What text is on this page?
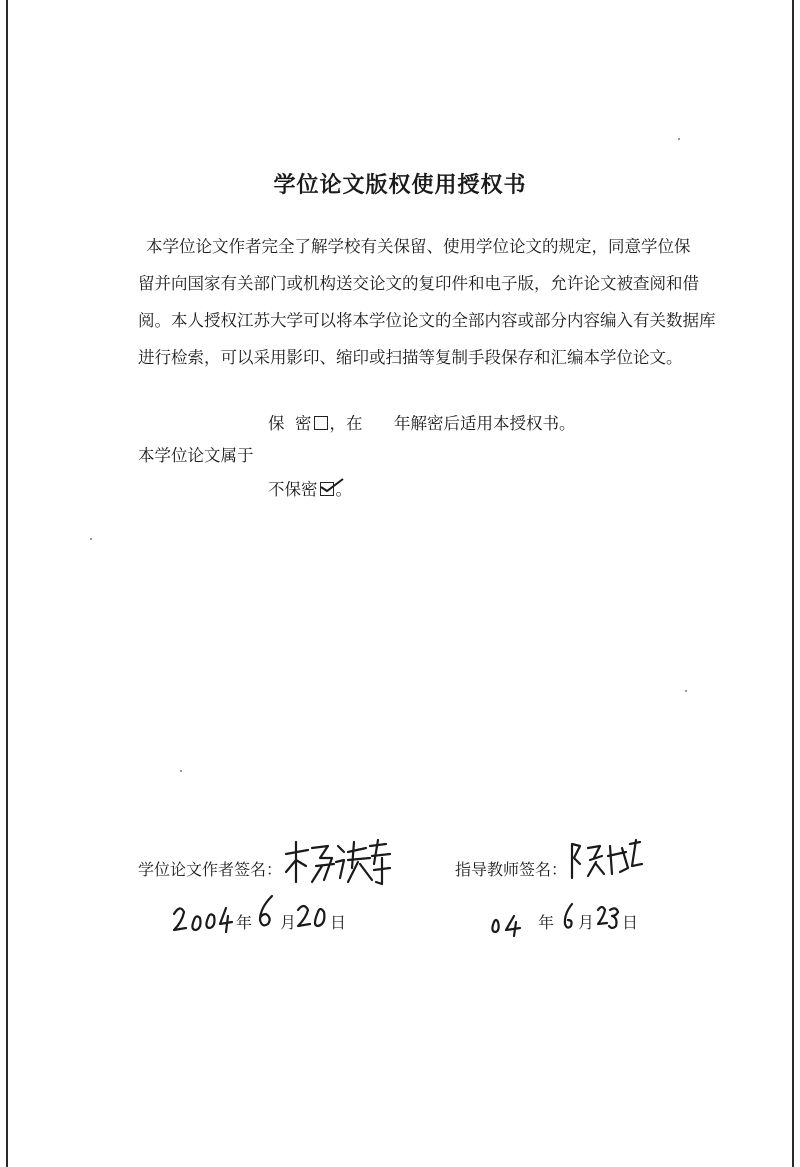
学位论文版权使用授权书
本学位论文作者完全了解学校有关保留、使用学位论文的规定，同意学位保
留并向国家有关部门或机构送交论文的复印件和电子版，允许论文被查阅和借
阅。本人授权江苏大学可以将本学位论文的全部内容或部分内容编入有关数据库
进行检索，可以采用影印、缩印或扫描等复制手段保存和汇编本学位论文。
保  密 ，在      年解密后适用本授权书。
本学位论文属于
不保密 。
学位论文作者签名：	指导教师签名：
年 月 日	年 月 日
